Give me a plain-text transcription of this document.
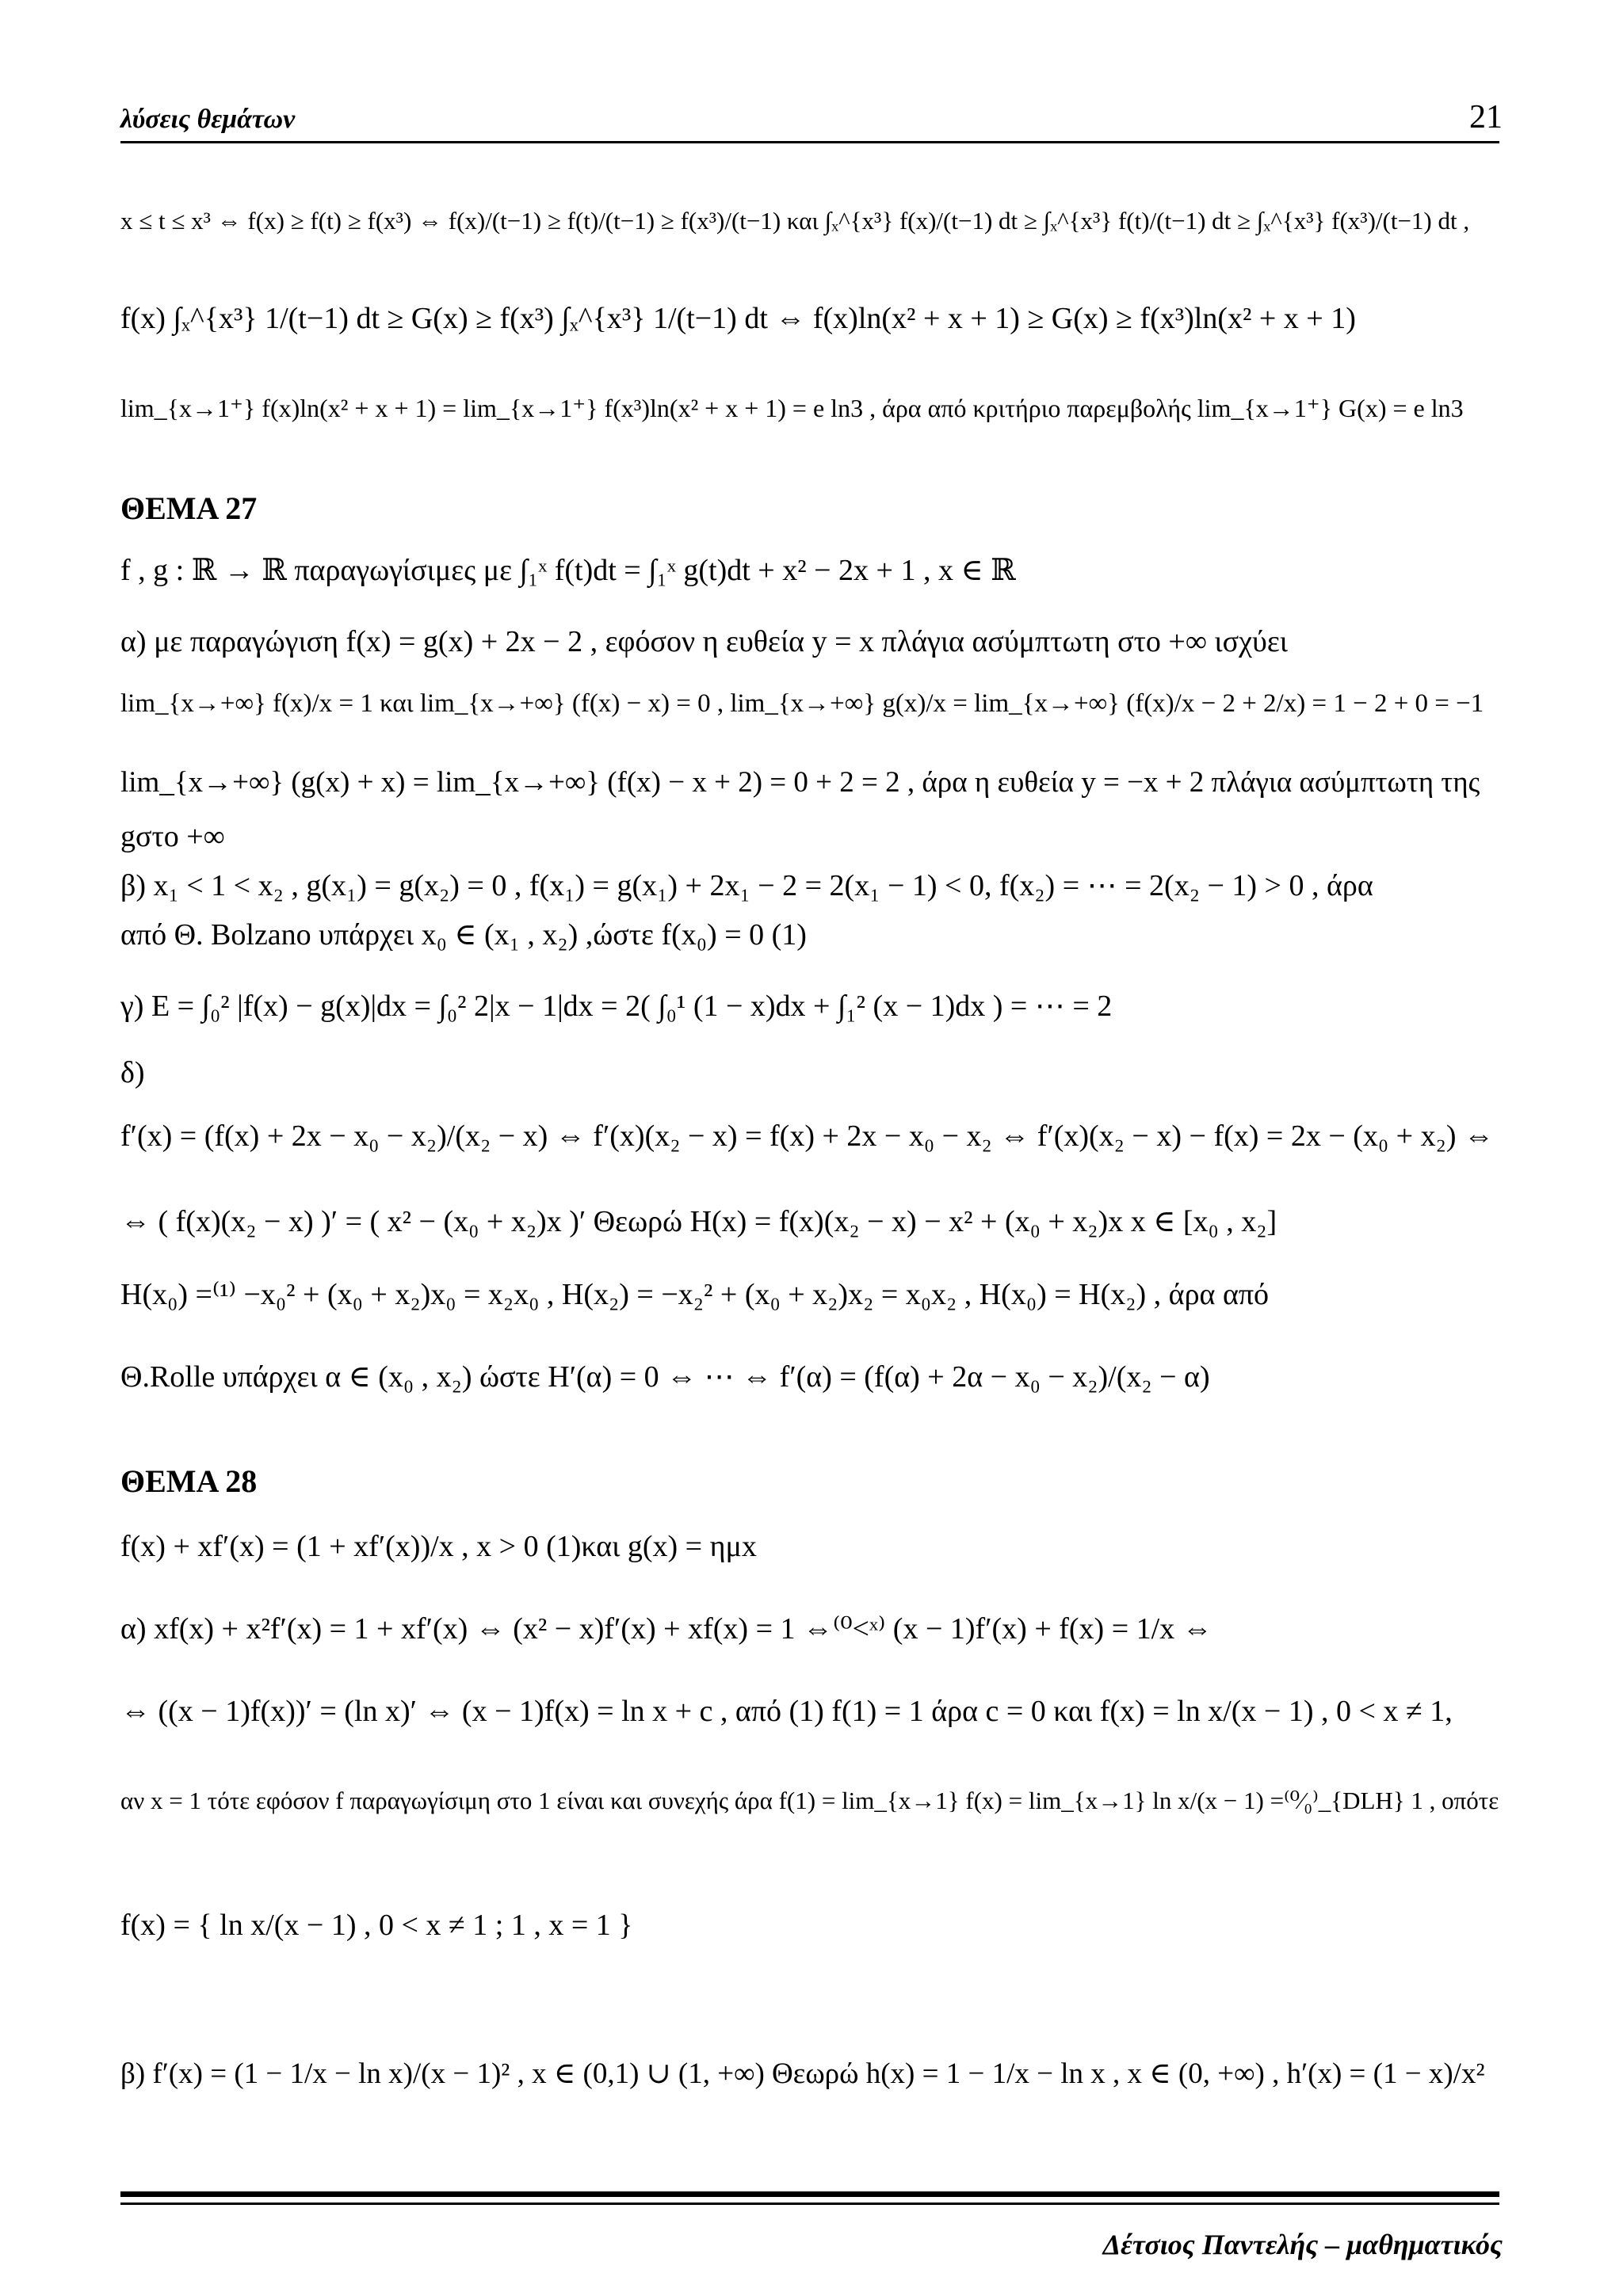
λύσεις θεμάτων	21
x ≤ t ≤ x³ ⇔ f(x) ≥ f(t) ≥ f(x³) ⇔ f(x)/(t−1) ≥ f(t)/(t−1) ≥ f(x³)/(t−1) και ∫ₓ^{x³} f(x)/(t−1) dt ≥ ∫ₓ^{x³} f(t)/(t−1) dt ≥ ∫ₓ^{x³} f(x³)/(t−1) dt ,
f(x) ∫ₓ^{x³} 1/(t−1) dt ≥ G(x) ≥ f(x³) ∫ₓ^{x³} 1/(t−1) dt ⇔ f(x)ln(x² + x + 1) ≥ G(x) ≥ f(x³)ln(x² + x + 1)
lim_{x→1⁺} f(x)ln(x² + x + 1) = lim_{x→1⁺} f(x³)ln(x² + x + 1) = e ln3 , άρα από κριτήριο παρεμβολής lim_{x→1⁺} G(x) = e ln3
ΘΕΜΑ 27
f , g : ℝ → ℝ παραγωγίσιμες με ∫₁ˣ f(t)dt = ∫₁ˣ g(t)dt + x² − 2x + 1 , x ∈ ℝ
α) με παραγώγιση f(x) = g(x) + 2x − 2 , εφόσον η ευθεία y = x πλάγια ασύμπτωτη στο +∞ ισχύει
lim_{x→+∞} f(x)/x = 1 και lim_{x→+∞} (f(x) − x) = 0 , lim_{x→+∞} g(x)/x = lim_{x→+∞} (f(x)/x − 2 + 2/x) = 1 − 2 + 0 = −1
lim_{x→+∞} (g(x) + x) = lim_{x→+∞} (f(x) − x + 2) = 0 + 2 = 2 , άρα η ευθεία y = −x + 2 πλάγια ασύμπτωτη της
gστο +∞
β) x₁ < 1 < x₂ , g(x₁) = g(x₂) = 0 , f(x₁) = g(x₁) + 2x₁ − 2 = 2(x₁ − 1) < 0, f(x₂) = ⋯ = 2(x₂ − 1) > 0 , άρα
από Θ. Bolzano υπάρχει x₀ ∈ (x₁ , x₂) ,ώστε f(x₀) = 0 (1)
γ) E = ∫₀² |f(x) − g(x)|dx = ∫₀² 2|x − 1|dx = 2( ∫₀¹ (1 − x)dx + ∫₁² (x − 1)dx ) = ⋯ = 2
δ)
f′(x) = (f(x) + 2x − x₀ − x₂)/(x₂ − x) ⇔ f′(x)(x₂ − x) = f(x) + 2x − x₀ − x₂ ⇔ f′(x)(x₂ − x) − f(x) = 2x − (x₀ + x₂) ⇔
⇔ ( f(x)(x₂ − x) )′ = ( x² − (x₀ + x₂)x )′ Θεωρώ H(x) = f(x)(x₂ − x) − x² + (x₀ + x₂)x x ∈ [x₀ , x₂]
H(x₀) =⁽¹⁾ −x₀² + (x₀ + x₂)x₀ = x₂x₀ , H(x₂) = −x₂² + (x₀ + x₂)x₂ = x₀x₂ , H(x₀) = H(x₂) , άρα από
Θ.Rolle υπάρχει α ∈ (x₀ , x₂) ώστε H′(α) = 0 ⇔ ⋯ ⇔ f′(α) = (f(α) + 2α − x₀ − x₂)/(x₂ − α)
ΘΕΜΑ 28
f(x) + xf′(x) = (1 + xf′(x))/x , x > 0 (1)και g(x) = ημx
α) xf(x) + x²f′(x) = 1 + xf′(x) ⇔ (x² − x)f′(x) + xf(x) = 1 ⇔⁽⁰<ˣ⁾ (x − 1)f′(x) + f(x) = 1/x ⇔
⇔ ((x − 1)f(x))′ = (ln x)′ ⇔ (x − 1)f(x) = ln x + c , από (1) f(1) = 1 άρα c = 0 και f(x) = ln x/(x − 1) , 0 < x ≠ 1,
αν x = 1 τότε εφόσον f παραγωγίσιμη στο 1 είναι και συνεχής άρα f(1) = lim_{x→1} f(x) = lim_{x→1} ln x/(x − 1) =⁽⁰⁄₀⁾_{DLH} 1 , οπότε
f(x) = { ln x/(x − 1) , 0 < x ≠ 1 ; 1 , x = 1 }
β) f′(x) = (1 − 1/x − ln x)/(x − 1)² , x ∈ (0,1) ∪ (1, +∞) Θεωρώ h(x) = 1 − 1/x − ln x , x ∈ (0, +∞) , h′(x) = (1 − x)/x²
Δέτσιος Παντελής – μαθηματικός
